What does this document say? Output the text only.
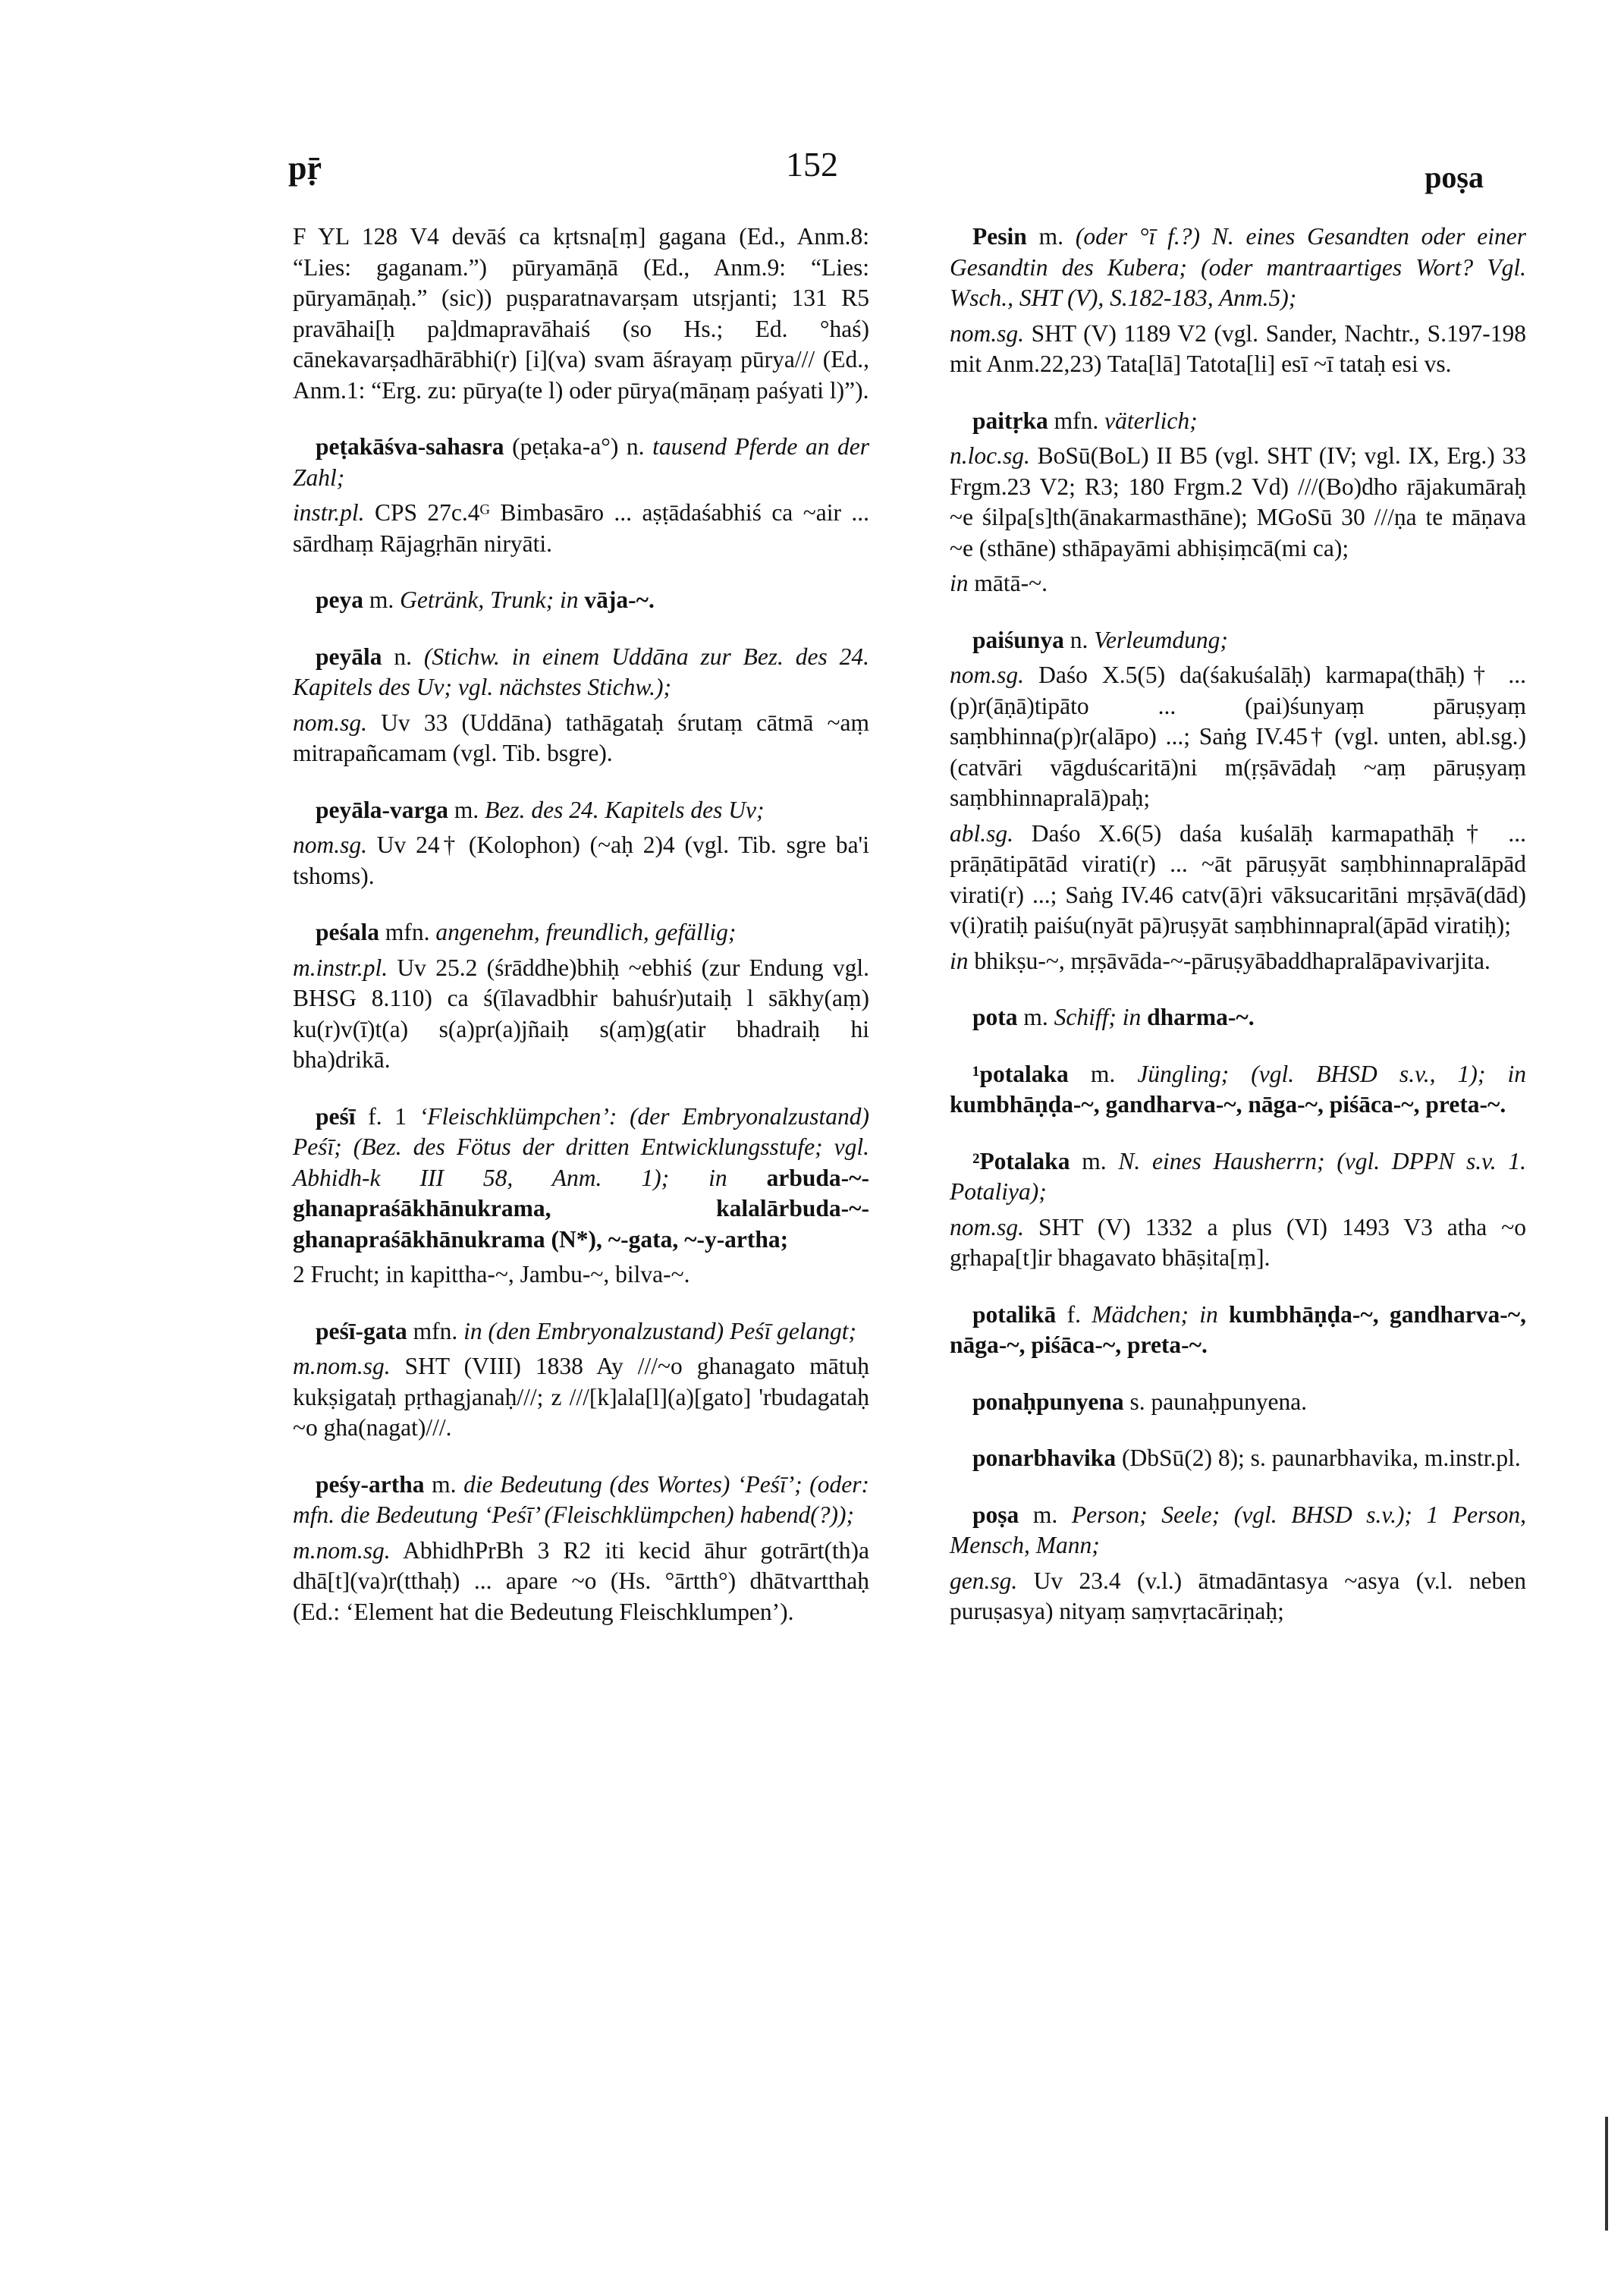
pṝ	152	poṣa
F YL 128 V4 devāś ca kṛtsna[ṃ] gagana (Ed., Anm.8: “Lies: gaganam.”) pūryamāṇā (Ed., Anm.9: “Lies: pūryamāṇaḥ.” (sic)) puṣparatnavarṣam utsṛjanti; 131 R5 pravāhai[ḥ pa]dmapravāhaiś (so Hs.; Ed. °haś) cānekavarṣadhārābhi(r) [i](va) svam āśrayaṃ pūrya/// (Ed., Anm.1: “Erg. zu: pūrya(te l) oder pūrya(māṇaṃ paśyati l)”).
peṭakāśva-sahasra (peṭaka-a°) n. tausend Pferde an der Zahl;
instr.pl. CPS 27c.4ᴳ Bimbasāro ... aṣṭādaśabhiś ca ~air ... sārdhaṃ Rājagṛhān niryāti.
peya m. Getränk, Trunk; in vāja-~.
peyāla n. (Stichw. in einem Uddāna zur Bez. des 24. Kapitels des Uv; vgl. nächstes Stichw.);
nom.sg. Uv 33 (Uddāna) tathāgataḥ śrutaṃ cātmā ~aṃ mitrapañcamam (vgl. Tib. bsgre).
peyāla-varga m. Bez. des 24. Kapitels des Uv;
nom.sg. Uv 24† (Kolophon) (~aḥ 2)4 (vgl. Tib. sgre ba'i tshoms).
peśala mfn. angenehm, freundlich, gefällig;
m.instr.pl. Uv 25.2 (śrāddhe)bhiḥ ~ebhiś (zur Endung vgl. BHSG 8.110) ca ś(īlavadbhir bahuśr)utaiḥ l sākhy(aṃ) ku(r)v(ī)t(a) s(a)pr(a)jñaiḥ s(aṃ)g(atir bhadraiḥ hi bha)drikā.
peśī f. 1 ‘Fleischklümpchen’: (der Embryonalzustand) Peśī; (Bez. des Fötus der dritten Entwicklungsstufe; vgl. Abhidh-k III 58, Anm. 1); in arbuda-~-ghanapraśākhānukrama, kalalārbuda-~-ghanapraśākhānukrama (N*), ~-gata, ~-y-artha;
2 Frucht; in kapittha-~, Jambu-~, bilva-~.
peśī-gata mfn. in (den Embryonalzustand) Peśī gelangt;
m.nom.sg. SHT (VIII) 1838 Ay ///~o ghanagato mātuḥ kukṣigataḥ pṛthagjanaḥ///; z ///[k]ala[l](a)[gato] 'rbudagataḥ ~o gha(nagat)///.
peśy-artha m. die Bedeutung (des Wortes) ‘Peśī’; (oder: mfn. die Bedeutung ‘Peśī’ (Fleischklümpchen) habend(?));
m.nom.sg. AbhidhPrBh 3 R2 iti kecid āhur gotrārt(th)a dhā[t](va)r(tthaḥ) ... apare ~o (Hs. °ārtth°) dhātvartthaḥ (Ed.: ‘Element hat die Bedeutung Fleischklumpen’).
Pesin m. (oder °ī f.?) N. eines Gesandten oder einer Gesandtin des Kubera; (oder mantraartiges Wort? Vgl. Wsch., SHT (V), S.182-183, Anm.5);
nom.sg. SHT (V) 1189 V2 (vgl. Sander, Nachtr., S.197-198 mit Anm.22,23) Tata[lā] Tatota[li] esī ~ī tataḥ esi vs.
paitṛka mfn. väterlich;
n.loc.sg. BoSū(BoL) II B5 (vgl. SHT (IV; vgl. IX, Erg.) 33 Frgm.23 V2; R3; 180 Frgm.2 Vd) ///(Bo)dho rājakumāraḥ ~e śilpa[s]th(ānakarmasthāne); MGoSū 30 ///ṇa te māṇava ~e (sthāne) sthāpayāmi abhiṣiṃcā(mi ca);
in mātā-~.
paiśunya n. Verleumdung;
nom.sg. Daśo X.5(5) da(śakuśalāḥ) karmapa(thāḥ)† ... (p)r(āṇā)tipāto ... (pai)śunyaṃ pāruṣyaṃ saṃbhinna(p)r(alāpo) ...; Saṅg IV.45† (vgl. unten, abl.sg.) (catvāri vāgduścaritā)ni m(ṛṣāvādaḥ ~aṃ pāruṣyaṃ saṃbhinnapralā)paḥ;
abl.sg. Daśo X.6(5) daśa kuśalāḥ karmapathāḥ† ... prāṇātipātād virati(r) ... ~āt pāruṣyāt saṃbhinnapralāpād virati(r) ...; Saṅg IV.46 catv(ā)ri vāksucaritāni mṛṣāvā(dād) v(i)ratiḥ paiśu(nyāt pā)ruṣyāt saṃbhinnapral(āpād viratiḥ);
in bhikṣu-~, mṛṣāvāda-~-pāruṣyābaddhapralāpavivarjita.
pota m. Schiff; in dharma-~.
¹potalaka m. Jüngling; (vgl. BHSD s.v., 1); in kumbhāṇḍa-~, gandharva-~, nāga-~, piśāca-~, preta-~.
²Potalaka m. N. eines Hausherrn; (vgl. DPPN s.v. 1. Potaliya);
nom.sg. SHT (V) 1332 a plus (VI) 1493 V3 atha ~o gṛhapa[t]ir bhagavato bhāṣita[ṃ].
potalikā f. Mädchen; in kumbhāṇḍa-~, gandharva-~, nāga-~, piśāca-~, preta-~.
ponaḥpunyena s. paunaḥpunyena.
ponarbhavika (DbSū(2) 8); s. paunarbhavika, m.instr.pl.
poṣa m. Person; Seele; (vgl. BHSD s.v.); 1 Person, Mensch, Mann;
gen.sg. Uv 23.4 (v.l.) ātmadāntasya ~asya (v.l. neben puruṣasya) nityaṃ saṃvṛtacāriṇaḥ;
